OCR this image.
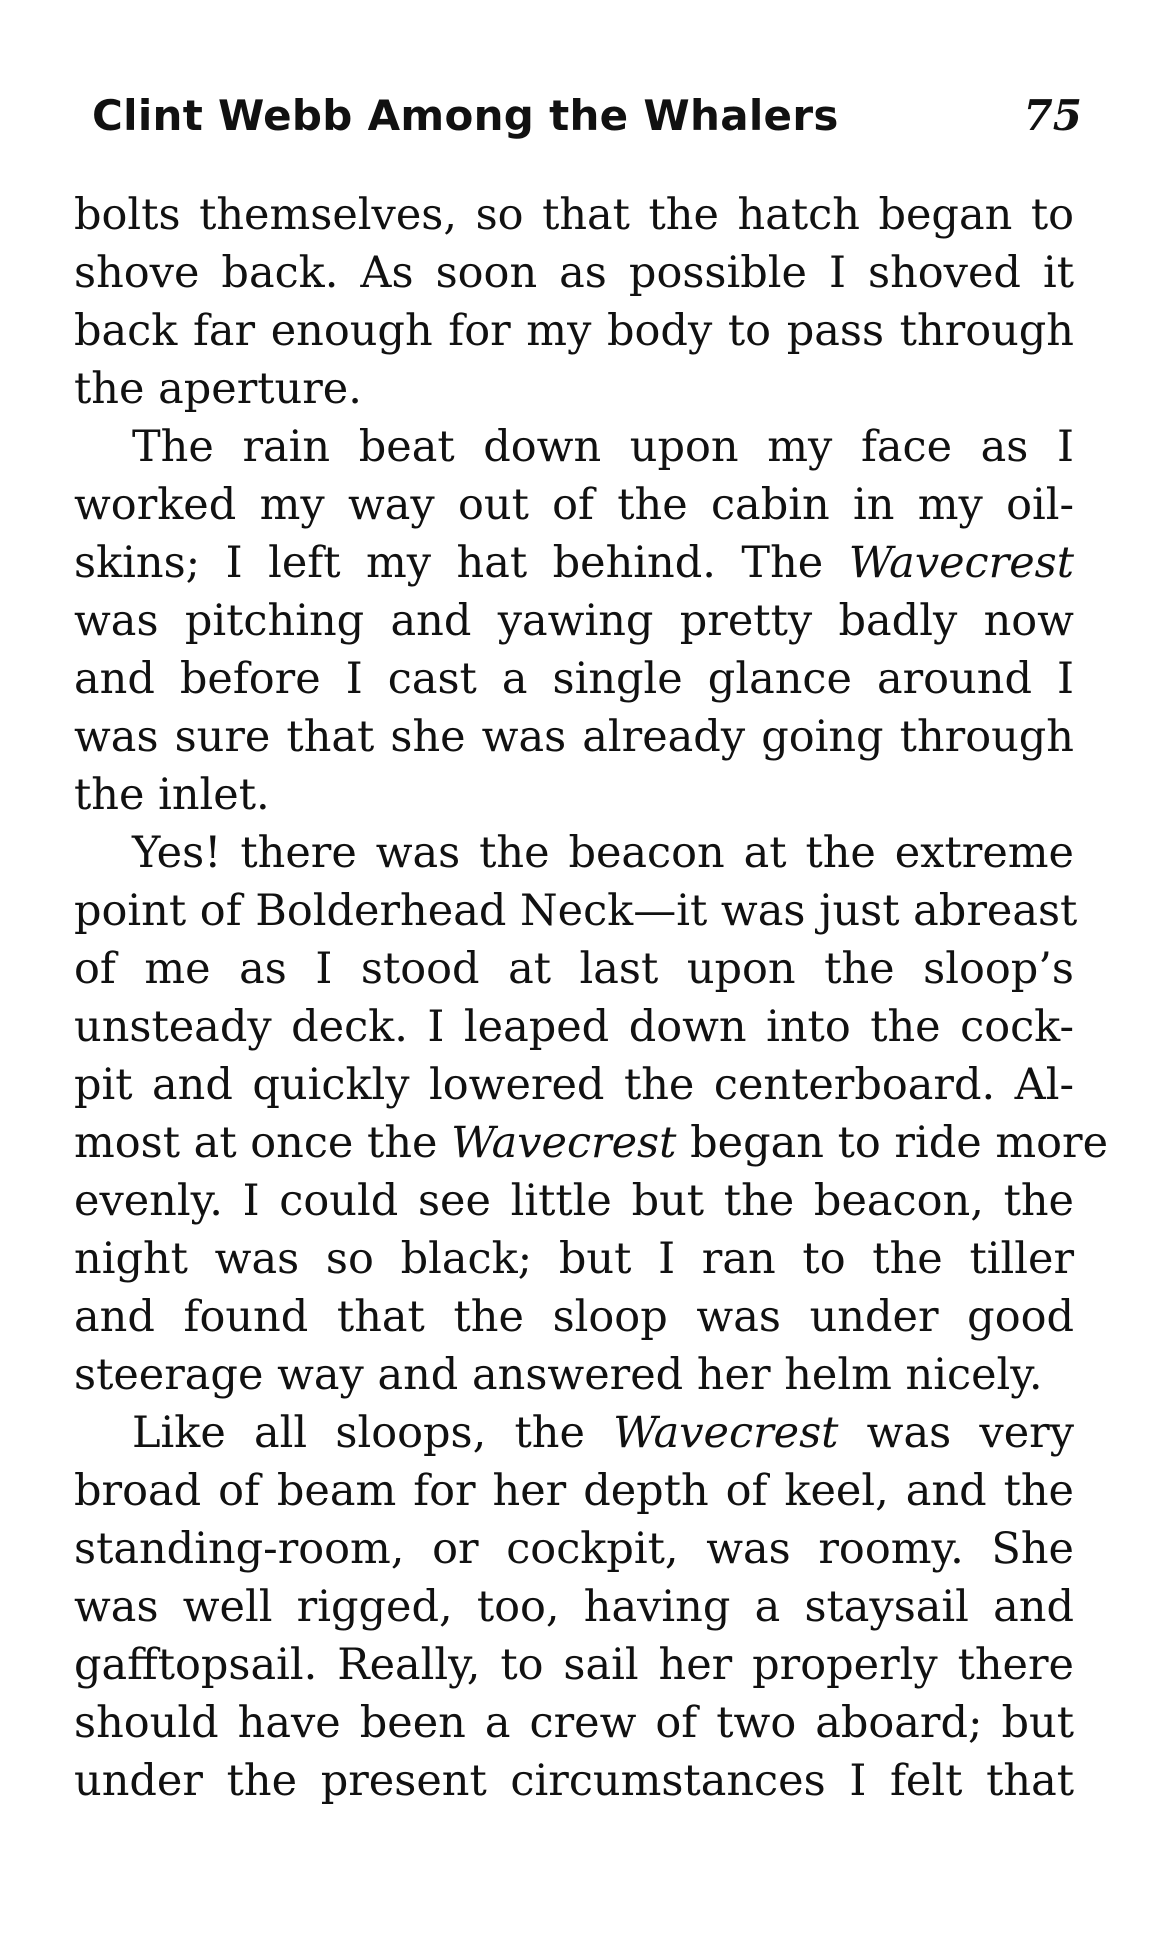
Clint Webb Among the Whalers	75
bolts themselves, so that the hatch began to
shove back. As soon as possible I shoved it
back far enough for my body to pass through
the aperture.
The rain beat down upon my face as I
worked my way out of the cabin in my oil-
skins; I left my hat behind. The Wavecrest
was pitching and yawing pretty badly now
and before I cast a single glance around I
was sure that she was already going through
the inlet.
Yes! there was the beacon at the extreme
point of Bolderhead Neck—it was just abreast
of me as I stood at last upon the sloop’s
unsteady deck. I leaped down into the cock-
pit and quickly lowered the centerboard. Al-
most at once the Wavecrest began to ride more
evenly. I could see little but the beacon, the
night was so black; but I ran to the tiller
and found that the sloop was under good
steerage way and answered her helm nicely.
Like all sloops, the Wavecrest was very
broad of beam for her depth of keel, and the
standing-room, or cockpit, was roomy. She
was well rigged, too, having a staysail and
gafftopsail. Really, to sail her properly there
should have been a crew of two aboard; but
under the present circumstances I felt that
